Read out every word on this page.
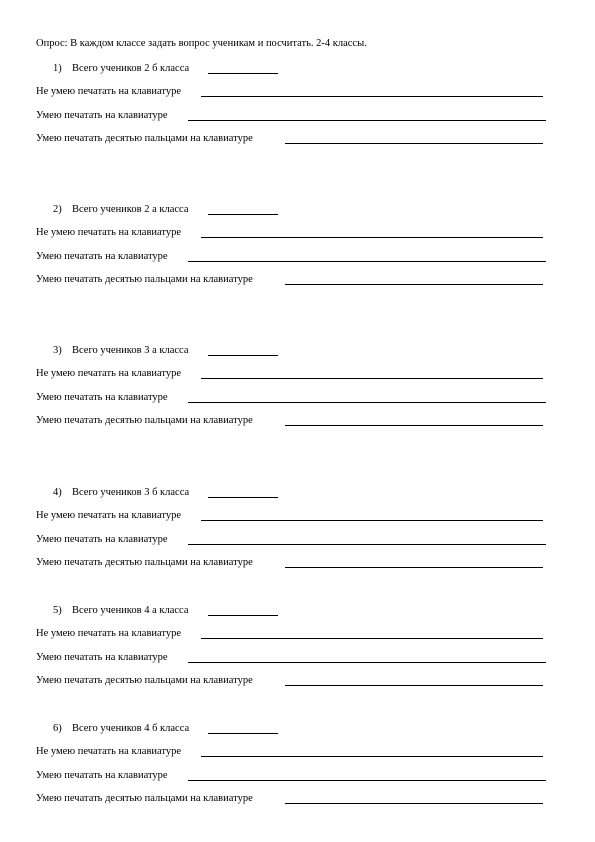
Опрос: В каждом классе задать вопрос ученикам и посчитать. 2-4 классы.
1) Всего учеников 2 б класса
Не умею печатать на клавиатуре
Умею печатать на клавиатуре
Умею печатать десятью пальцами на клавиатуре
2) Всего учеников 2 а класса
Не умею печатать на клавиатуре
Умею печатать на клавиатуре
Умею печатать десятью пальцами на клавиатуре
3) Всего учеников 3 а класса
Не умею печатать на клавиатуре
Умею печатать на клавиатуре
Умею печатать десятью пальцами на клавиатуре
4) Всего учеников 3 б класса
Не умею печатать на клавиатуре
Умею печатать на клавиатуре
Умею печатать десятью пальцами на клавиатуре
5) Всего учеников 4 а класса
Не умею печатать на клавиатуре
Умею печатать на клавиатуре
Умею печатать десятью пальцами на клавиатуре
6) Всего учеников 4 б класса
Не умею печатать на клавиатуре
Умею печатать на клавиатуре
Умею печатать десятью пальцами на клавиатуре
